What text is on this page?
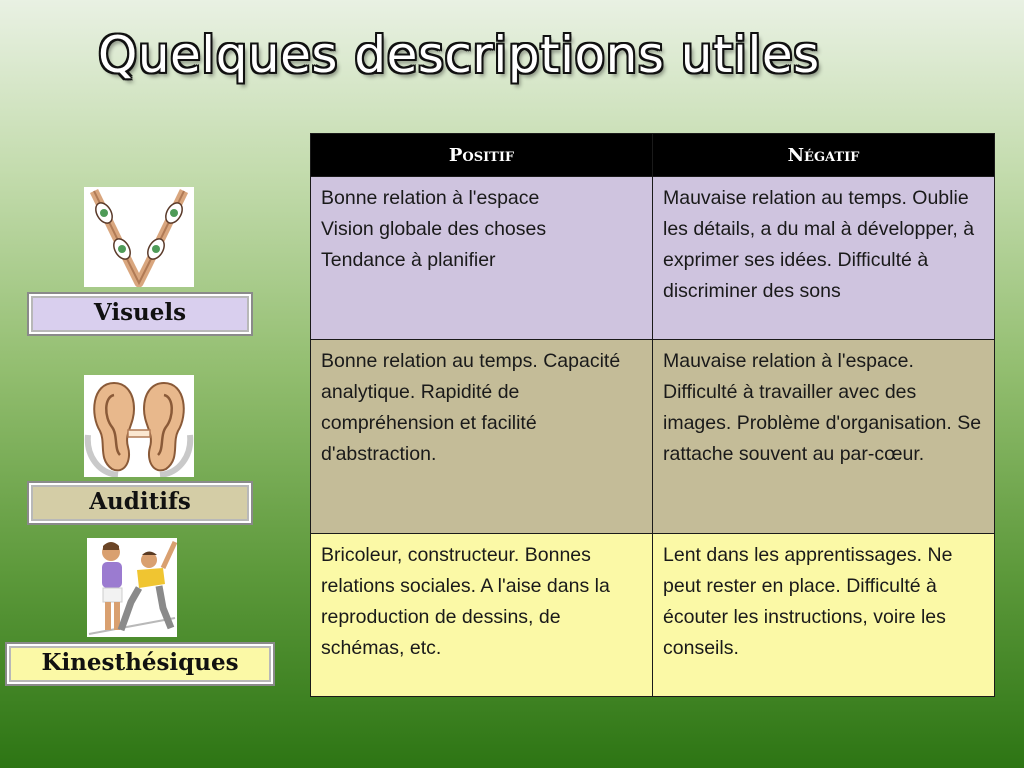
Quelques descriptions utiles
Visuels
Auditifs
Kinesthésiques
Positif	Négatif

Bonne relation à l'espace
Vision globale des choses
Tendance à planifier	Mauvaise relation au temps. Oublie les détails, a du mal à développer, à exprimer ses idées. Difficulté à discriminer des sons
Bonne relation au temps. Capacité analytique. Rapidité de compréhension et facilité d'abstraction.	Mauvaise relation à l'espace. Difficulté à travailler avec des images. Problème d'organisation. Se rattache souvent au par-cœur.
Bricoleur, constructeur. Bonnes relations sociales. A l'aise dans la reproduction de dessins, de schémas, etc.	Lent dans les apprentissages. Ne peut rester en place. Difficulté à écouter les instructions, voire les conseils.
